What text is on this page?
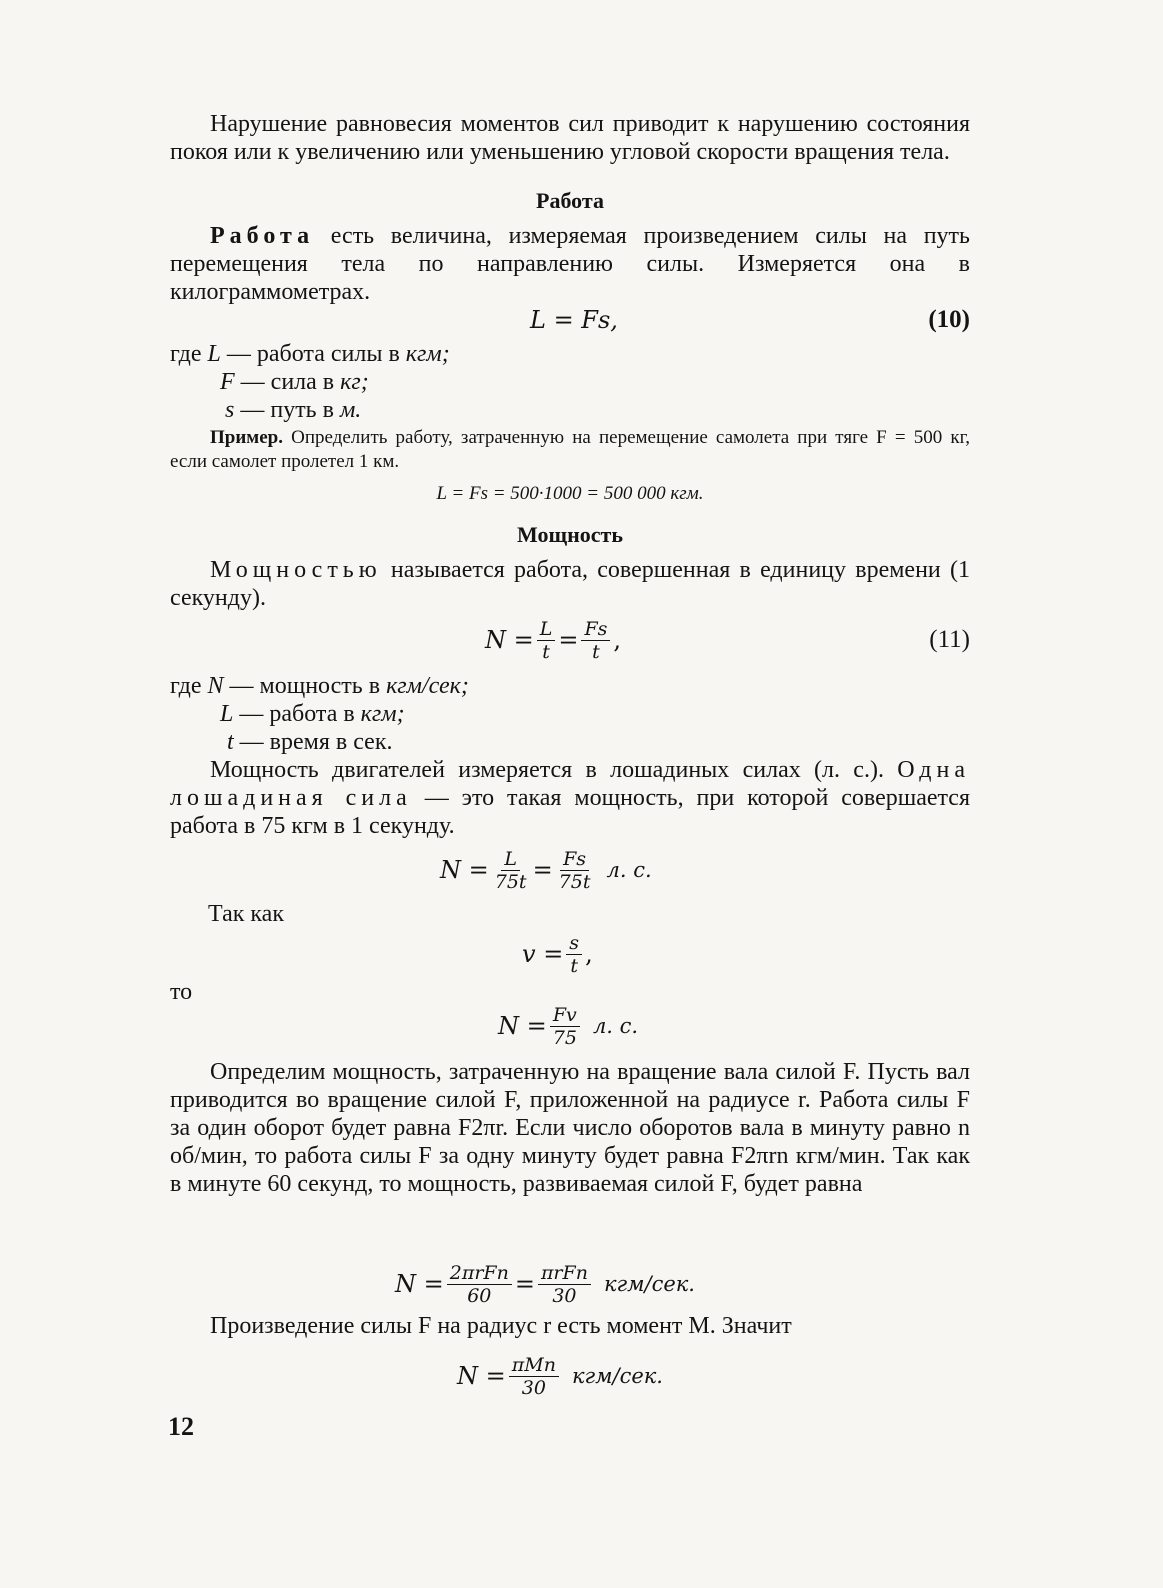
Нарушение равновесия моментов сил приводит к нарушению состояния покоя или к увеличению или уменьшению угловой скорости вращения тела.
Работа
Работа есть величина, измеряемая произведением силы на путь перемещения тела по направлению силы. Измеряется она в килограммометрах.
L = Fs,	(10)
где L — работа силы в кгм;
F — сила в кг;
s — путь в м.
Пример. Определить работу, затраченную на перемещение самолета при тяге F = 500 кг, если самолет пролетел 1 км.
L = Fs = 500·1000 = 500 000 кгм.
Мощность
Мощностью называется работа, совершенная в единицу времени (1 секунду).
$N = \frac{L}{t} = \frac{Fs}{t}$ ,	(11)
где N — мощность в кгм/сек;
L — работа в кгм;
t — время в сек.
Мощность двигателей измеряется в лошадиных силах (л. с.). Одна лошадиная сила — это такая мощность, при которой совершается работа в 75 кгм в 1 секунду.
$N = \frac{L}{75t} = \frac{Fs}{75t} л$. с.
Так как
$v = \frac{s}{t}$ ,
то
$N = \frac{Fv}{75} л$. с.
Определим мощность, затраченную на вращение вала силой F. Пусть вал приводится во вращение силой F, приложенной на радиусе r. Работа силы F за один оборот будет равна F2πr. Если число оборотов вала в минуту равно n об/мин, то работа силы F за одну минуту будет равна F2πrn кгм/мин. Так как в минуте 60 секунд, то мощность, развиваемая силой F, будет равна
$N = \frac{\text{2πrFn}}{60} = \frac{\text{πrFn}}{30} кгм/сек$.
Произведение силы F на радиус r есть момент M. Значит
$N = \frac{\text{πMn}}{30} кгм/сек$.
12
